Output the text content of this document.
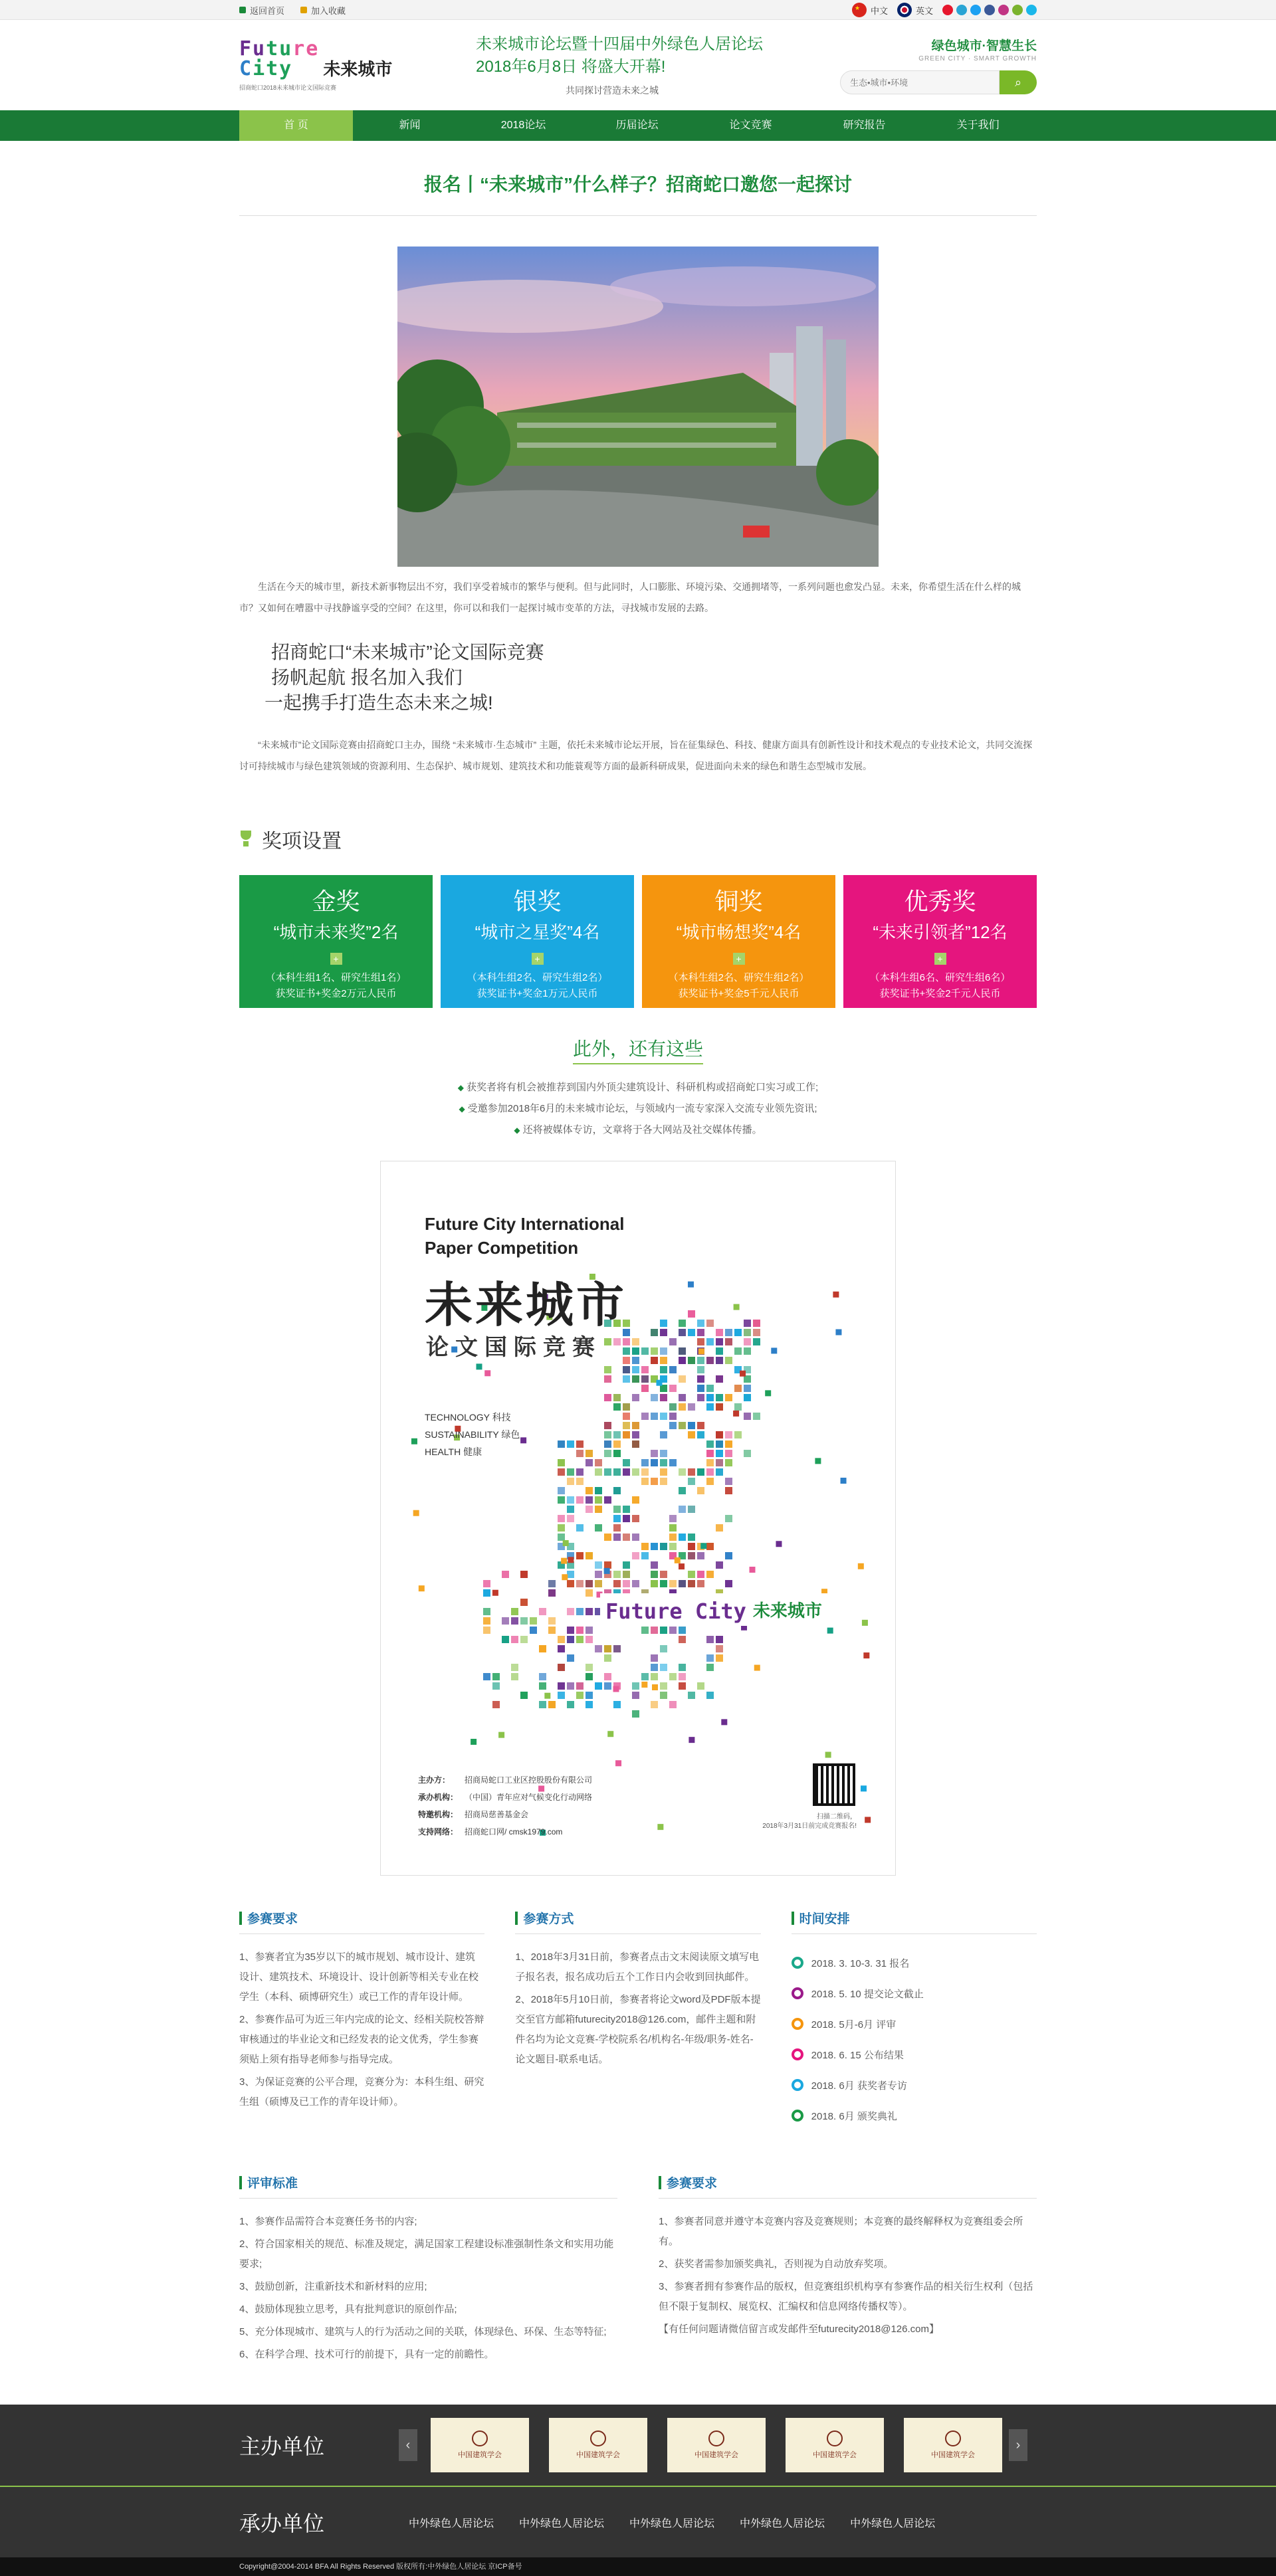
返回首页	加入收藏
★	中文	英文
Future
City	未来城市
招商蛇口2018未来城市论文国际竞赛
未来城市论坛暨十四届中外绿色人居论坛 2018年6月8日 将盛大开幕!
共同探讨营造未来之城
绿色城市·智慧生长
GREEN CITY · SMART GROWTH
生态•城市•环境
⌕
首 页	新闻	2018论坛	历届论坛	论文竞赛	研究报告	关于我们
报名丨“未来城市”什么样子？招商蛇口邀您一起探讨

生活在今天的城市里，新技术新事物层出不穷，我们享受着城市的繁华与便利。但与此同时，人口膨胀、环境污染、交通拥堵等，一系列问题也愈发凸显。未来，你希望生活在什么样的城市？又如何在嘈嚣中寻找静谧享受的空间？在这里，你可以和我们一起探讨城市变革的方法，寻找城市发展的去路。

招商蛇口“未来城市”论文国际竞赛
扬帆起航 报名加入我们
一起携手打造生态未来之城!

“未来城市”论文国际竞赛由招商蛇口主办，围绕 “未来城市·生态城市” 主题，依托未来城市论坛开展，旨在征集绿色、科技、健康方面具有创新性设计和技术观点的专业技术论文，共同交流探讨可持续城市与绿色建筑领域的资源利用、生态保护、城市规划、建筑技术和功能蓑观等方面的最新科研成果，促进面向未来的绿色和谐生态型城市发展。

奖项设置
金奖
“城市未来奖”2名
+
（本科生组1名、研究生组1名）
获奖证书+奖金2万元人民币
银奖
“城市之星奖”4名
+
（本科生组2名、研究生组2名）
获奖证书+奖金1万元人民币
铜奖
“城市畅想奖”4名
+
（本科生组2名、研究生组2名）
获奖证书+奖金5千元人民币
优秀奖
“未来引领者”12名
+
（本科生组6名、研究生组6名）
获奖证书+奖金2千元人民币
此外，还有这些
◆ 获奖者将有机会被推荐到国内外顶尖建筑设计、科研机构或招商蛇口实习或工作;
◆ 受邀参加2018年6月的未来城市论坛，与领域内一流专家深入交流专业领先资讯;
◆ 还将被媒体专访，文章将于各大网站及社交媒体传播。
Future City International
Paper Competition
未来城市
论文国际竞赛
TECHNOLOGY 科技
SUSTAINABILITY 绿色
HEALTH 健康
Future City 未来城市
主办方： 招商局蛇口工业区控股股份有限公司
承办机构： （中国）青年应对气候变化行动网络
特邀机构： 招商局慈善基金会
支持网络： 招商蛇口网/ cmsk1979.com
扫描二维码，
2018年3月31日前完成竞赛报名!
参赛要求

1、参赛者宜为35岁以下的城市规划、城市设计、建筑设计、建筑技术、环境设计、设计创新等相关专业在校学生（本科、硕博研究生）或已工作的青年设计师。

2、参赛作品可为近三年内完成的论文、经相关院校答辩审核通过的毕业论文和已经发表的论文优秀，学生参赛须贴上须有指导老师参与指导完成。

3、为保证竞赛的公平合理，竞赛分为：本科生组、研究生组（硕博及已工作的青年设计师）。

参赛方式

1、2018年3月31日前，参赛者点击文末阅读原文填写电子报名表，报名成功后五个工作日内会收到回执邮件。

2、2018年5月10日前，参赛者将论文word及PDF版本提交至官方邮箱futurecity2018@126.com，邮件主题和附件名均为论文竞赛-学校院系名/机构名-年级/职务-姓名-论文题目-联系电话。

时间安排
2018. 3. 10-3. 31 报名
2018. 5. 10 提交论文截止
2018. 5月-6月 评审
2018. 6. 15 公布结果
2018. 6月 获奖者专访
2018. 6月 颁奖典礼
评审标准

1、参赛作品需符合本竞赛任务书的内容;

2、符合国家相关的规范、标准及规定，满足国家工程建设标准强制性条文和实用功能要求;

3、鼓励创新，注重新技术和新材料的应用;

4、鼓励体现独立思考，具有批判意识的原创作品;

5、充分体现城市、建筑与人的行为活动之间的关联，体现绿色、环保、生态等特征;

6、在科学合理、技术可行的前提下，具有一定的前瞻性。

参赛要求

1、参赛者同意并遵守本竞赛内容及竞赛规则；本竞赛的最终解释权为竞赛组委会所有。

2、获奖者需参加颁奖典礼，否则视为自动放弃奖项。

3、参赛者拥有参赛作品的版权，但竞赛组织机构享有参赛作品的相关衍生权利（包括但不限于复制权、展览权、汇编权和信息网络传播权等）。

【有任何问题请微信留言或发邮件至futurecity2018@126.com】

主办单位	‹
中国建筑学会	中国建筑学会	中国建筑学会	中国建筑学会	中国建筑学会
›
承办单位	中外绿色人居论坛 中外绿色人居论坛 中外绿色人居论坛 中外绿色人居论坛 中外绿色人居论坛
Copyright@2004-2014 BFA All Rights Reserved 版权所有:中外绿色人居论坛 京ICP备号
